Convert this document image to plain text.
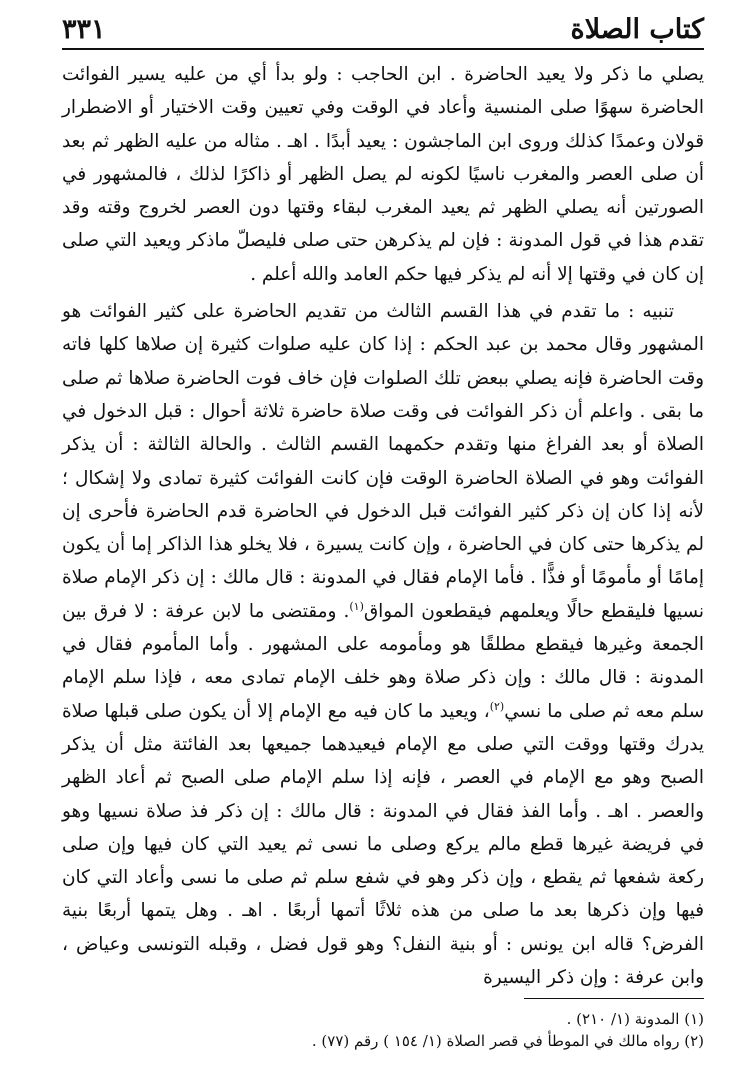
كتاب الصلاة
٣٣١

يصلي ما ذكر ولا يعيد الحاضرة . ابن الحاجب : ولو بدأ أي من عليه يسير الفوائت الحاضرة سهوًا صلى المنسية وأعاد في الوقت وفي تعيين وقت الاختيار أو الاضطرار قولان وعمدًا كذلك وروى ابن الماجشون : يعيد أبدًا . اهـ . مثاله من عليه الظهر ثم بعد أن صلى العصر والمغرب ناسيًا لكونه لم يصل الظهر أو ذاكرًا لذلك ، فالمشهور في الصورتين أنه يصلي الظهر ثم يعيد المغرب لبقاء وقتها دون العصر لخروج وقته وقد تقدم هذا في قول المدونة : فإن لم يذكرهن حتى صلى فليصلّ ماذكر ويعيد التي صلى إن كان في وقتها إلا أنه لم يذكر فيها حكم العامد والله أعلم .

تنبيه : ما تقدم في هذا القسم الثالث من تقديم الحاضرة على كثير الفوائت هو المشهور وقال محمد بن عبد الحكم : إذا كان عليه صلوات كثيرة إن صلاها كلها فاته وقت الحاضرة فإنه يصلي ببعض تلك الصلوات فإن خاف فوت الحاضرة صلاها ثم صلى ما بقى . واعلم أن ذكر الفوائت فى وقت صلاة حاضرة ثلاثة أحوال : قبل الدخول في الصلاة أو بعد الفراغ منها وتقدم حكمهما القسم الثالث . والحالة الثالثة : أن يذكر الفوائت وهو في الصلاة الحاضرة الوقت فإن كانت الفوائت كثيرة تمادى ولا إشكال ؛ لأنه إذا كان إن ذكر كثير الفوائت قبل الدخول في الحاضرة قدم الحاضرة فأحرى إن لم يذكرها حتى كان في الحاضرة ، وإن كانت يسيرة ، فلا يخلو هذا الذاكر إما أن يكون إمامًا أو مأمومًا أو فذًّا . فأما الإمام فقال في المدونة : قال مالك : إن ذكر الإمام صلاة نسيها فليقطع حالًا ويعلمهم فيقطعون المواق$^{(١)}$. ومقتضى ما لابن عرفة : لا فرق بين الجمعة وغيرها فيقطع مطلقًا هو ومأمومه على المشهور . وأما المأموم فقال في المدونة : قال مالك : وإن ذكر صلاة وهو خلف الإمام تمادى معه ، فإذا سلم الإمام سلم معه ثم صلى ما نسي$^{(٢)}$، ويعيد ما كان فيه مع الإمام إلا أن يكون صلى قبلها صلاة يدرك وقتها ووقت التي صلى مع الإمام فيعيدهما جميعها بعد الفائتة مثل أن يذكر الصبح وهو مع الإمام في العصر ، فإنه إذا سلم الإمام صلى الصبح ثم أعاد الظهر والعصر . اهـ . وأما الفذ فقال في المدونة : قال مالك : إن ذكر فذ صلاة نسيها وهو في فريضة غيرها قطع مالم يركع وصلى ما نسى ثم يعيد التي كان فيها وإن صلى ركعة شفعها ثم يقطع ، وإن ذكر وهو في شفع سلم ثم صلى ما نسى وأعاد التي كان فيها وإن ذكرها بعد ما صلى من هذه ثلاثًا أتمها أربعًا . اهـ . وهل يتمها أربعًا بنية الفرض؟ قاله ابن يونس : أو بنية النفل؟ وهو قول فضل ، وقبله التونسى وعياض ، وابن عرفة : وإن ذكر اليسيرة

(١) المدونة (١/ ٢١٠) .
(٢) رواه مالك في الموطأ في قصر الصلاة (١/ ١٥٤ ) رقم (٧٧) .
